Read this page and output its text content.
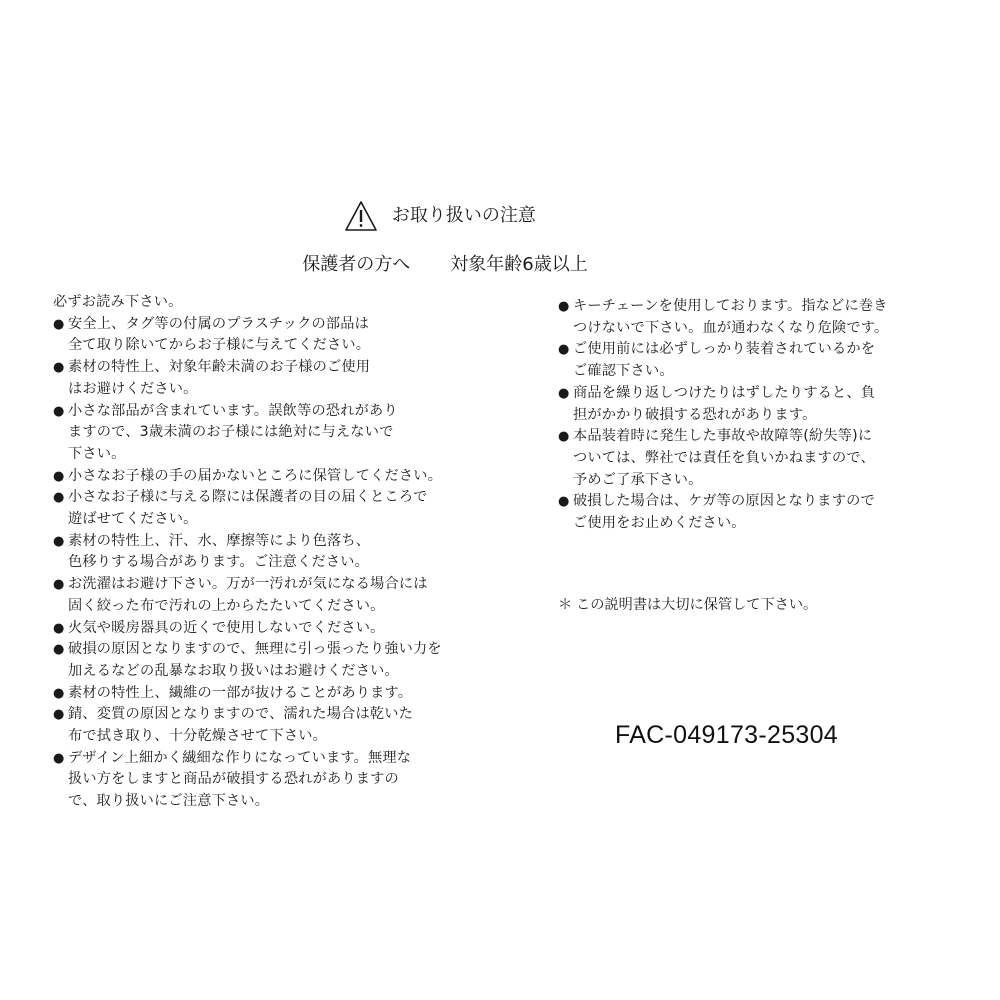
お取り扱いの注意
保護者の方へ 対象年齢6歳以上
必ずお読み下さい。
● 安全上、タグ等の付属のプラスチックの部品は
全て取り除いてからお子様に与えてください。
● 素材の特性上、対象年齢未満のお子様のご使用
はお避けください。
● 小さな部品が含まれています。誤飲等の恐れがあり
ますので、3歳未満のお子様には絶対に与えないで
下さい。
● 小さなお子様の手の届かないところに保管してください。
● 小さなお子様に与える際には保護者の目の届くところで
遊ばせてください。
● 素材の特性上、汗、水、摩擦等により色落ち、
色移りする場合があります。ご注意ください。
● お洗濯はお避け下さい。万が一汚れが気になる場合には
固く絞った布で汚れの上からたたいてください。
● 火気や暖房器具の近くで使用しないでください。
● 破損の原因となりますので、無理に引っ張ったり強い力を
加えるなどの乱暴なお取り扱いはお避けください。
● 素材の特性上、繊維の一部が抜けることがあります。
● 錆、変質の原因となりますので、濡れた場合は乾いた
布で拭き取り、十分乾燥させて下さい。
● デザイン上細かく繊細な作りになっています。無理な
扱い方をしますと商品が破損する恐れがありますの
で、取り扱いにご注意下さい。
● キーチェーンを使用しております。指などに巻き
つけないで下さい。血が通わなくなり危険です。
● ご使用前には必ずしっかり装着されているかを
ご確認下さい。
● 商品を繰り返しつけたりはずしたりすると、負
担がかかり破損する恐れがあります。
● 本品装着時に発生した事故や故障等(紛失等)に
ついては、弊社では責任を負いかねますので、
予めご了承下さい。
● 破損した場合は、ケガ等の原因となりますので
ご使用をお止めください。
＊ この説明書は大切に保管して下さい。
FAC-049173-25304
